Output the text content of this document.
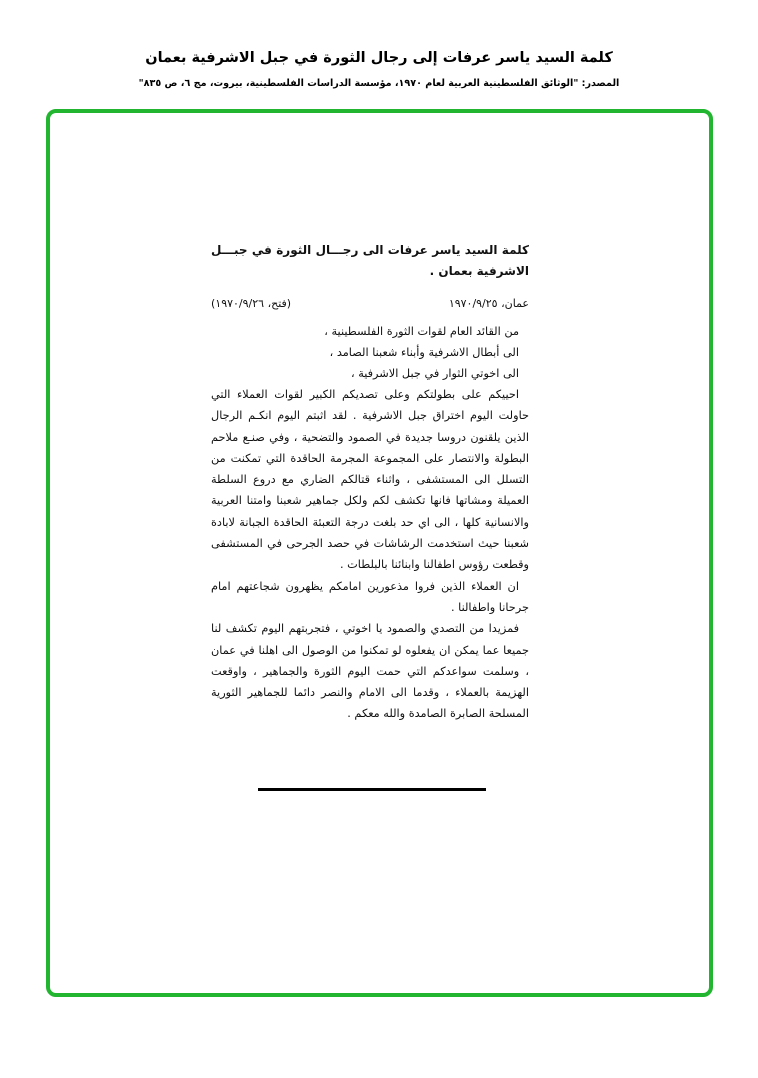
كلمة السيد ياسر عرفات إلى رجال الثورة في جبل الاشرفية بعمان
المصدر: "الوثائق الفلسطينية العربية لعام ١٩٧٠، مؤسسة الدراسات الفلسطينية، بيروت، مج ٦، ص ٨٣٥"
كلمة السيد ياسر عرفات الى رجـــال الثورة في جبـــل الاشرفية بعمان .
عمان، ١٩٧٠/٩/٢٥
(فتح، ١٩٧٠/٩/٢٦)
من القائد العام لقوات الثورة الفلسطينية ،
الى أبطال الاشرفية وأبناء شعبنا الصامد ،
الى اخوتي الثوار في جبل الاشرفية ،

احييكم على بطولتكم وعلى تصديكم الكبير لقوات العملاء التي حاولت اليوم اختراق جبل الاشرفية . لقد اثبتم اليوم انكـم الرجال الذين يلقنون دروسا جديدة في الصمود والتضحية ، وفي صنـع ملاحم البطولة والانتصار على المجموعة المجرمة الحاقدة التي تمكنت من التسلل الى المستشفى ، واثناء قتالكم الضاري مع دروع السلطة العميلة ومشاتها فانها تكشف لكم ولكل جماهير شعبنا وامتنا العربية والانسانية كلها ، الى اي حد بلغت درجة التعبئة الحاقدة الجبانة لابادة شعبنا حيث استخدمت الرشاشات في حصد الجرحى في المستشفى وقطعت رؤوس اطفالنا وابنائنا بالبلطات .

ان العملاء الذين فروا مذعورين امامكم يظهرون شجاعتهم امام جرحانا واطفالنا .

فمزيدا من التصدي والصمود يا اخوتي ، فتجربتهم اليوم تكشف لنا جميعا عما يمكن ان يفعلوه لو تمكنوا من الوصول الى اهلنا في عمان ، وسلمت سواعدكم التي حمت اليوم الثورة والجماهير ، واوقعت الهزيمة بالعملاء ، وقدما الى الامام والنصر دائما للجماهير الثورية المسلحة الصابرة الصامدة والله معكم .
